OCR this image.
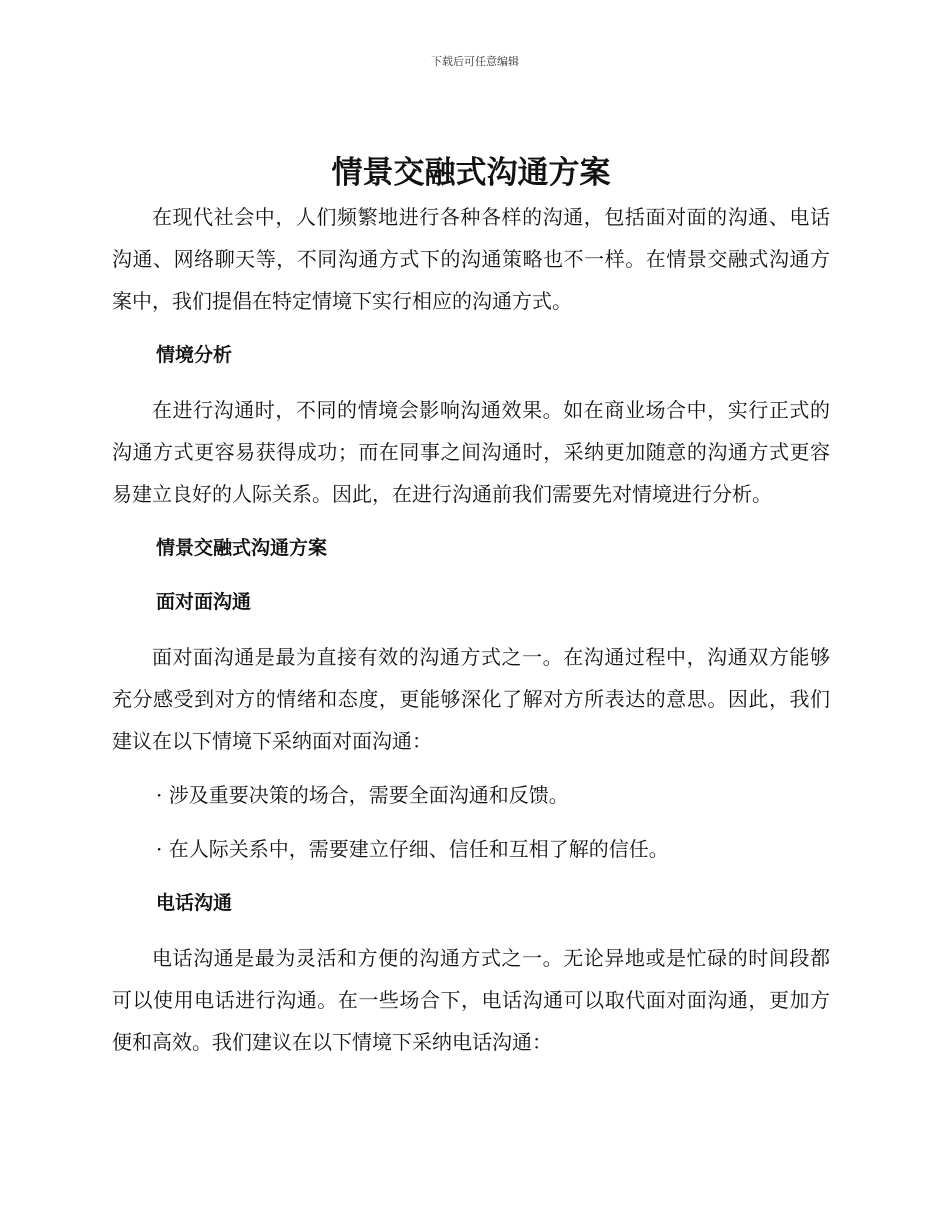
下载后可任意编辑
情景交融式沟通方案

在现代社会中，人们频繁地进行各种各样的沟通，包括面对面的沟通、电话沟通、网络聊天等，不同沟通方式下的沟通策略也不一样。在情景交融式沟通方案中，我们提倡在特定情境下实行相应的沟通方式。

情境分析

在进行沟通时，不同的情境会影响沟通效果。如在商业场合中，实行正式的沟通方式更容易获得成功；而在同事之间沟通时，采纳更加随意的沟通方式更容易建立良好的人际关系。因此，在进行沟通前我们需要先对情境进行分析。

情景交融式沟通方案
面对面沟通

面对面沟通是最为直接有效的沟通方式之一。在沟通过程中，沟通双方能够充分感受到对方的情绪和态度，更能够深化了解对方所表达的意思。因此，我们建议在以下情境下采纳面对面沟通：

· 涉及重要决策的场合，需要全面沟通和反馈。

· 在人际关系中，需要建立仔细、信任和互相了解的信任。

电话沟通

电话沟通是最为灵活和方便的沟通方式之一。无论异地或是忙碌的时间段都可以使用电话进行沟通。在一些场合下，电话沟通可以取代面对面沟通，更加方便和高效。我们建议在以下情境下采纳电话沟通：
